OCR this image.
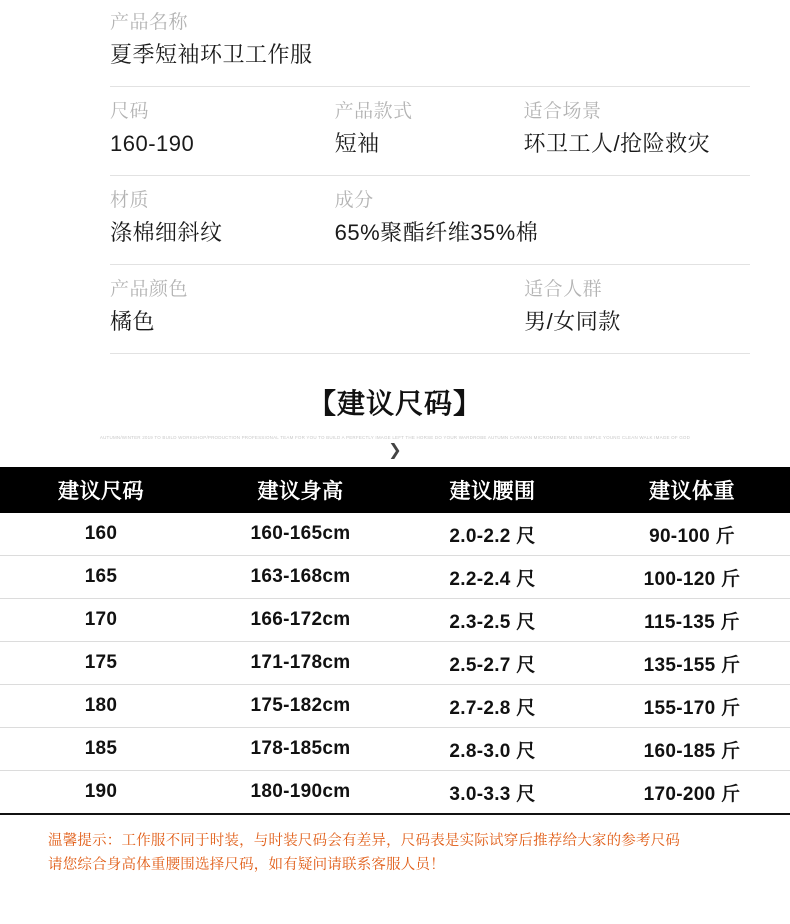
产品名称
夏季短袖环卫工作服
尺码
160-190
产品款式
短袖
适合场景
环卫工人/抢险救灾
材质
涤棉细斜纹
成分
65%聚酯纤维35%棉
产品颜色
橘色
适合人群
男/女同款
【建议尺码】
AUTUMN/WINTER 2019 TO BUILD WORKSHOP/PRODUCTION PROFESSIONAL TEAM FOR YOU TO BUILD A PERFECTLY IMAGE LEFT THE HORSE DO YOUR WARDROBE AUTUMN CARAVAN MICROMERGE MENS SIMPLE YOUNG CLEAN WALK IMAGE OF GOD
❯
建议尺码	建议身高	建议腰围	建议体重
160	160-165cm	2.0-2.2 尺	90-100 斤
165	163-168cm	2.2-2.4 尺	100-120 斤
170	166-172cm	2.3-2.5 尺	115-135 斤
175	171-178cm	2.5-2.7 尺	135-155 斤
180	175-182cm	2.7-2.8 尺	155-170 斤
185	178-185cm	2.8-3.0 尺	160-185 斤
190	180-190cm	3.0-3.3 尺	170-200 斤
温馨提示：工作服不同于时装，与时装尺码会有差异，尺码表是实际试穿后推荐给大家的参考尺码
请您综合身高体重腰围选择尺码，如有疑问请联系客服人员！
